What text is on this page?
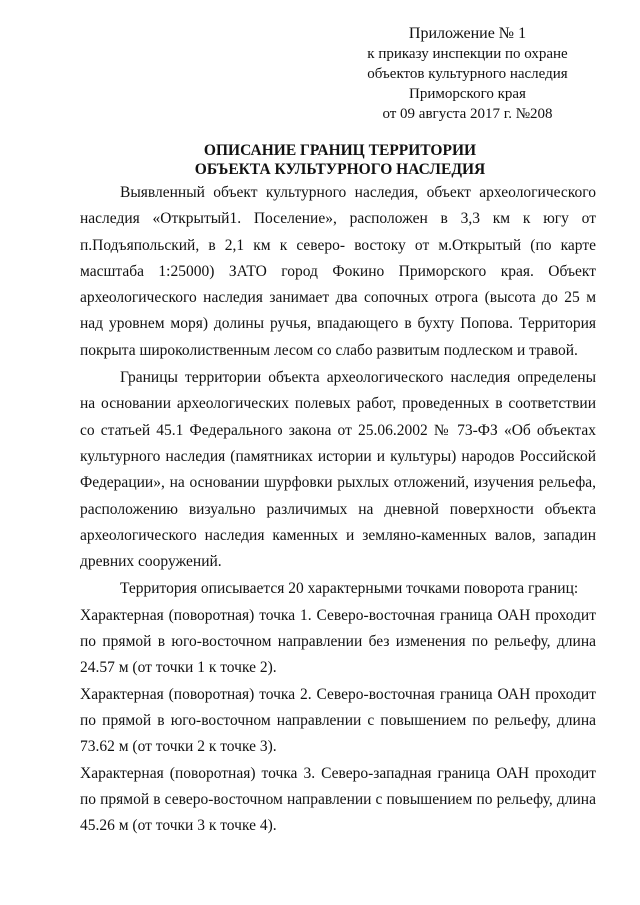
Приложение № 1
к приказу инспекции по охране
объектов культурного наследия
Приморского края
от 09 августа 2017 г. №208
ОПИСАНИЕ ГРАНИЦ ТЕРРИТОРИИ
ОБЪЕКТА КУЛЬТУРНОГО НАСЛЕДИЯ

Выявленный объект культурного наследия, объект археологического наследия «Открытый1. Поселение», расположен в 3,3 км к югу от п.Подъяпольский, в 2,1 км к северо- востоку от м.Открытый (по карте масштаба 1:25000) ЗАТО город Фокино Приморского края. Объект археологического наследия занимает два сопочных отрога (высота до 25 м над уровнем моря) долины ручья, впадающего в бухту Попова. Территория покрыта широколиственным лесом со слабо развитым подлеском и травой.

Границы территории объекта археологического наследия определены на основании археологических полевых работ, проведенных в соответствии со статьей 45.1 Федерального закона от 25.06.2002 № 73-ФЗ «Об объектах культурного наследия (памятниках истории и культуры) народов Российской Федерации», на основании шурфовки рыхлых отложений, изучения рельефа, расположению визуально различимых на дневной поверхности объекта археологического наследия каменных и земляно-каменных валов, западин древних сооружений.

Территория описывается 20 характерными точками поворота границ:

Характерная (поворотная) точка 1. Северо-восточная граница ОАН проходит по прямой в юго-восточном направлении без изменения по рельефу, длина 24.57 м (от точки 1 к точке 2).

Характерная (поворотная) точка 2. Северо-восточная граница ОАН проходит по прямой в юго-восточном направлении с повышением по рельефу, длина 73.62 м (от точки 2 к точке 3).

Характерная (поворотная) точка 3. Северо-западная граница ОАН проходит по прямой в северо-восточном направлении с повышением по рельефу, длина 45.26 м (от точки 3 к точке 4).
